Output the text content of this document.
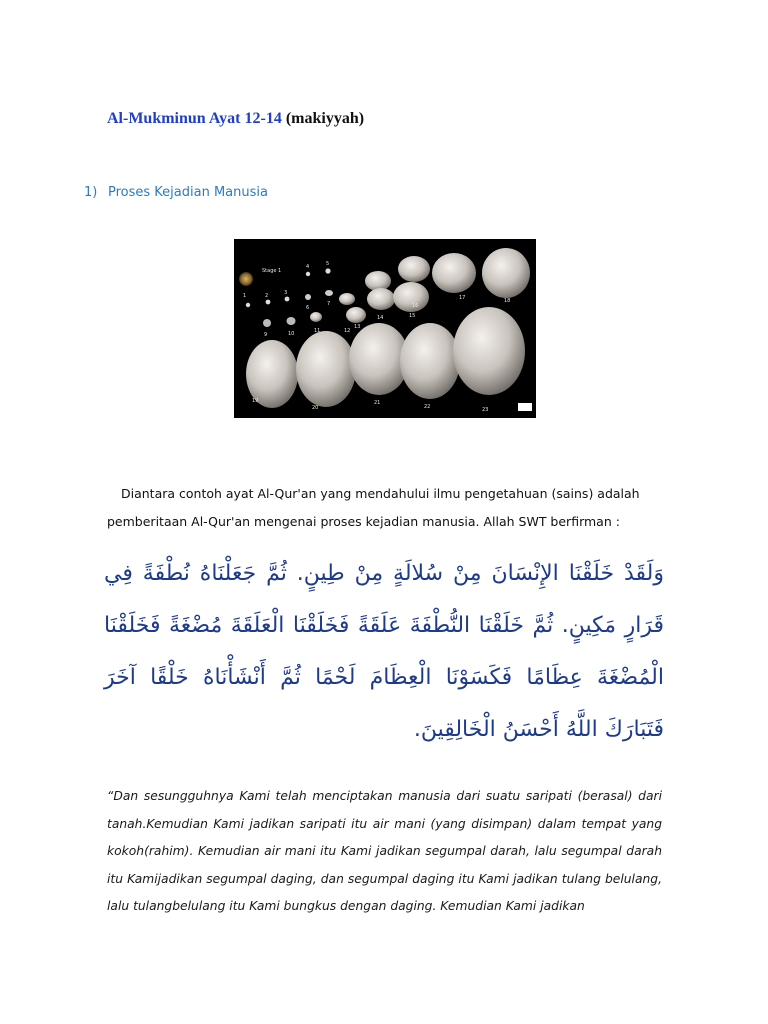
Al-Mukminun Ayat 12-14 (makiyyah)
1) Proses Kejadian Manusia
Stage 1
1	2	3
4	5
6
7
9	10	11	12
13
14	15
16
17	18
19
20
21
22	23
Diantara contoh ayat Al-Qur'an yang mendahului ilmu pengetahuan (sains) adalah
pemberitaan Al-Qur'an mengenai proses kejadian manusia. Allah SWT berfirman :
وَلَقَدْ خَلَقْنَا الإِنْسَانَ مِنْ سُلالَةٍ مِنْ طِينٍ. ثُمَّ جَعَلْنَاهُ نُطْفَةً فِي قَرَارٍ مَكِينٍ. ثُمَّ خَلَقْنَا النُّطْفَةَ عَلَقَةً فَخَلَقْنَا الْعَلَقَةَ مُضْغَةً فَخَلَقْنَا الْمُضْغَةَ عِظَامًا فَكَسَوْنَا الْعِظَامَ لَحْمًا ثُمَّ أَنْشَأْنَاهُ خَلْقًا آخَرَ فَتَبَارَكَ اللَّهُ أَحْسَنُ الْخَالِقِينَ.
“Dan sesungguhnya Kami telah menciptakan manusia dari suatu saripati (berasal) dari tanah.Kemudian Kami jadikan saripati itu air mani (yang disimpan) dalam tempat yang kokoh(rahim). Kemudian air mani itu Kami jadikan segumpal darah, lalu segumpal darah itu Kamijadikan segumpal daging, dan segumpal daging itu Kami jadikan tulang belulang, lalu tulangbelulang itu Kami bungkus dengan daging. Kemudian Kami jadikan
